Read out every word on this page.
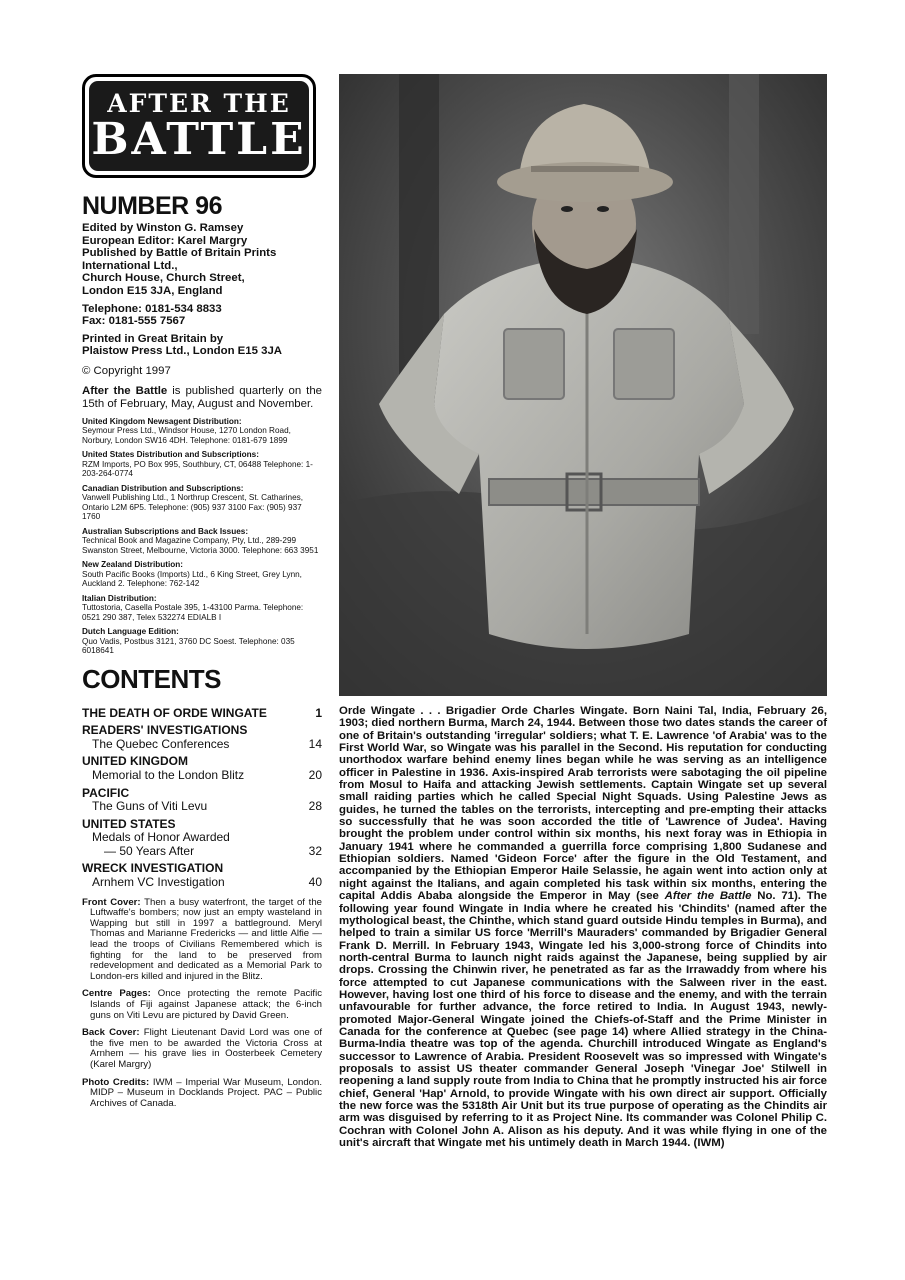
AFTER THE
BATTLE
NUMBER 96
Edited by Winston G. Ramsey
European Editor: Karel Margry
Published by Battle of Britain Prints
International Ltd.,
Church House, Church Street,
London E15 3JA, England
Telephone: 0181-534 8833
Fax: 0181-555 7567
Printed in Great Britain by
Plaistow Press Ltd., London E15 3JA
© Copyright 1997
After the Battle is published quarterly on the 15th of February, May, August and November.
United Kingdom Newsagent Distribution:
Seymour Press Ltd., Windsor House, 1270 London Road, Norbury, London SW16 4DH. Telephone: 0181-679 1899
United States Distribution and Subscriptions:
RZM Imports, PO Box 995, Southbury, CT, 06488 Telephone: 1-203-264-0774
Canadian Distribution and Subscriptions:
Vanwell Publishing Ltd., 1 Northrup Crescent, St. Catharines, Ontario L2M 6P5. Telephone: (905) 937 3100 Fax: (905) 937 1760
Australian Subscriptions and Back Issues:
Technical Book and Magazine Company, Pty, Ltd., 289-299 Swanston Street, Melbourne, Victoria 3000. Telephone: 663 3951
New Zealand Distribution:
South Pacific Books (Imports) Ltd., 6 King Street, Grey Lynn, Auckland 2. Telephone: 762-142
Italian Distribution:
Tuttostoria, Casella Postale 395, 1-43100 Parma. Telephone: 0521 290 387, Telex 532274 EDIALB I
Dutch Language Edition:
Quo Vadis, Postbus 3121, 3760 DC Soest. Telephone: 035 6018641
CONTENTS
THE DEATH OF ORDE WINGATE	1
READERS' INVESTIGATIONS
The Quebec Conferences	14
UNITED KINGDOM
Memorial to the London Blitz	20
PACIFIC
The Guns of Viti Levu	28
UNITED STATES
Medals of Honor Awarded
— 50 Years After	32
WRECK INVESTIGATION
Arnhem VC Investigation	40
Front Cover: Then a busy waterfront, the target of the Luftwaffe's bombers; now just an empty wasteland in Wapping but still in 1997 a battleground. Meryl Thomas and Marianne Fredericks — and little Alfie — lead the troops of Civilians Remembered which is fighting for the land to be preserved from redevelopment and dedicated as a Memorial Park to London-ers killed and injured in the Blitz.
Centre Pages: Once protecting the remote Pacific Islands of Fiji against Japanese attack; the 6-inch guns on Viti Levu are pictured by David Green.
Back Cover: Flight Lieutenant David Lord was one of the five men to be awarded the Victoria Cross at Arnhem — his grave lies in Oosterbeek Cemetery (Karel Margry)
Photo Credits: IWM – Imperial War Museum, London. MIDP – Museum in Docklands Project. PAC – Public Archives of Canada.
Orde Wingate . . . Brigadier Orde Charles Wingate. Born Naini Tal, India, February 26, 1903; died northern Burma, March 24, 1944. Between those two dates stands the career of one of Britain's outstanding 'irregular' soldiers; what T. E. Lawrence 'of Arabia' was to the First World War, so Wingate was his parallel in the Second. His reputation for conducting unorthodox warfare behind enemy lines began while he was serving as an intelligence officer in Palestine in 1936. Axis-inspired Arab terrorists were sabotaging the oil pipeline from Mosul to Haifa and attacking Jewish settlements. Captain Wingate set up several small raiding parties which he called Special Night Squads. Using Palestine Jews as guides, he turned the tables on the terrorists, intercepting and pre-empting their attacks so successfully that he was soon accorded the title of 'Lawrence of Judea'. Having brought the problem under control within six months, his next foray was in Ethiopia in January 1941 where he commanded a guerrilla force comprising 1,800 Sudanese and Ethiopian soldiers. Named 'Gideon Force' after the figure in the Old Testament, and accompanied by the Ethiopian Emperor Haile Selassie, he again went into action only at night against the Italians, and again completed his task within six months, entering the capital Addis Ababa alongside the Emperor in May (see After the Battle No. 71). The following year found Wingate in India where he created his 'Chindits' (named after the mythological beast, the Chinthe, which stand guard outside Hindu temples in Burma), and helped to train a similar US force 'Merrill's Mauraders' commanded by Brigadier General Frank D. Merrill. In February 1943, Wingate led his 3,000-strong force of Chindits into north-central Burma to launch night raids against the Japanese, being supplied by air drops. Crossing the Chinwin river, he penetrated as far as the Irrawaddy from where his force attempted to cut Japanese communications with the Salween river in the east. However, having lost one third of his force to disease and the enemy, and with the terrain unfavourable for further advance, the force retired to India. In August 1943, newly-promoted Major-General Wingate joined the Chiefs-of-Staff and the Prime Minister in Canada for the conference at Quebec (see page 14) where Allied strategy in the China-Burma-India theatre was top of the agenda. Churchill introduced Wingate as England's successor to Lawrence of Arabia. President Roosevelt was so impressed with Wingate's proposals to assist US theater commander General Joseph 'Vinegar Joe' Stilwell in reopening a land supply route from India to China that he promptly instructed his air force chief, General 'Hap' Arnold, to provide Wingate with his own direct air support. Officially the new force was the 5318th Air Unit but its true purpose of operating as the Chindits air arm was disguised by referring to it as Project Nine. Its commander was Colonel Philip C. Cochran with Colonel John A. Alison as his deputy. And it was while flying in one of the unit's aircraft that Wingate met his untimely death in March 1944. (IWM)
